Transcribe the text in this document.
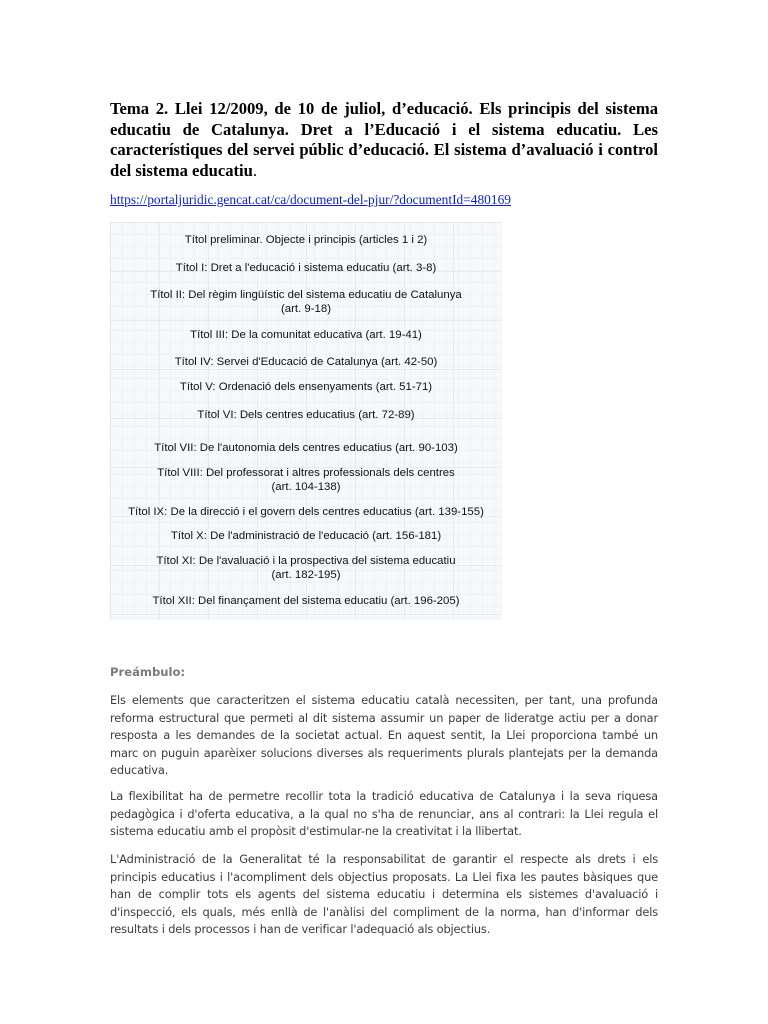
Tema 2. Llei 12/2009, de 10 de juliol, d’educació. Els principis del sistema educatiu de Catalunya. Dret a l’Educació i el sistema educatiu. Les característiques del servei públic d’educació. El sistema d’avaluació i control del sistema educatiu.

https://portaljuridic.gencat.cat/ca/document-del-pjur/?documentId=480169
Títol preliminar. Objecte i principis (articles 1 i 2)
Títol I: Dret a l'educació i sistema educatiu (art. 3-8)
Títol II: Del règim lingüístic del sistema educatiu de Catalunya
(art. 9-18)
Títol III: De la comunitat educativa (art. 19-41)
Títol IV: Servei d'Educació de Catalunya (art. 42-50)
Títol V: Ordenació dels ensenyaments (art. 51-71)
Títol VI: Dels centres educatius (art. 72-89)
Títol VII: De l'autonomia dels centres educatius (art. 90-103)
Títol VIII: Del professorat i altres professionals dels centres
(art. 104-138)
Títol IX: De la direcció i el govern dels centres educatius (art. 139-155)
Títol X: De l'administració de l'educació (art. 156-181)
Títol XI: De l'avaluació i la prospectiva del sistema educatiu
(art. 182-195)
Títol XII: Del finançament del sistema educatiu (art. 196-205)

Preámbulo:

Els elements que caracteritzen el sistema educatiu català necessiten, per tant, una profunda reforma estructural que permeti al dit sistema assumir un paper de lideratge actiu per a donar resposta a les demandes de la societat actual. En aquest sentit, la Llei proporciona també un marc on puguin aparèixer solucions diverses als requeriments plurals plantejats per la demanda educativa.

La flexibilitat ha de permetre recollir tota la tradició educativa de Catalunya i la seva riquesa pedagògica i d'oferta educativa, a la qual no s'ha de renunciar, ans al contrari: la Llei regula el sistema educatiu amb el propòsit d'estimular-ne la creativitat i la llibertat.

L'Administració de la Generalitat té la responsabilitat de garantir el respecte als drets i els principis educatius i l'acompliment dels objectius proposats. La Llei fixa les pautes bàsiques que han de complir tots els agents del sistema educatiu i determina els sistemes d'avaluació i d'inspecció, els quals, més enllà de l'anàlisi del compliment de la norma, han d'informar dels resultats i dels processos i han de verificar l'adequació als objectius.
